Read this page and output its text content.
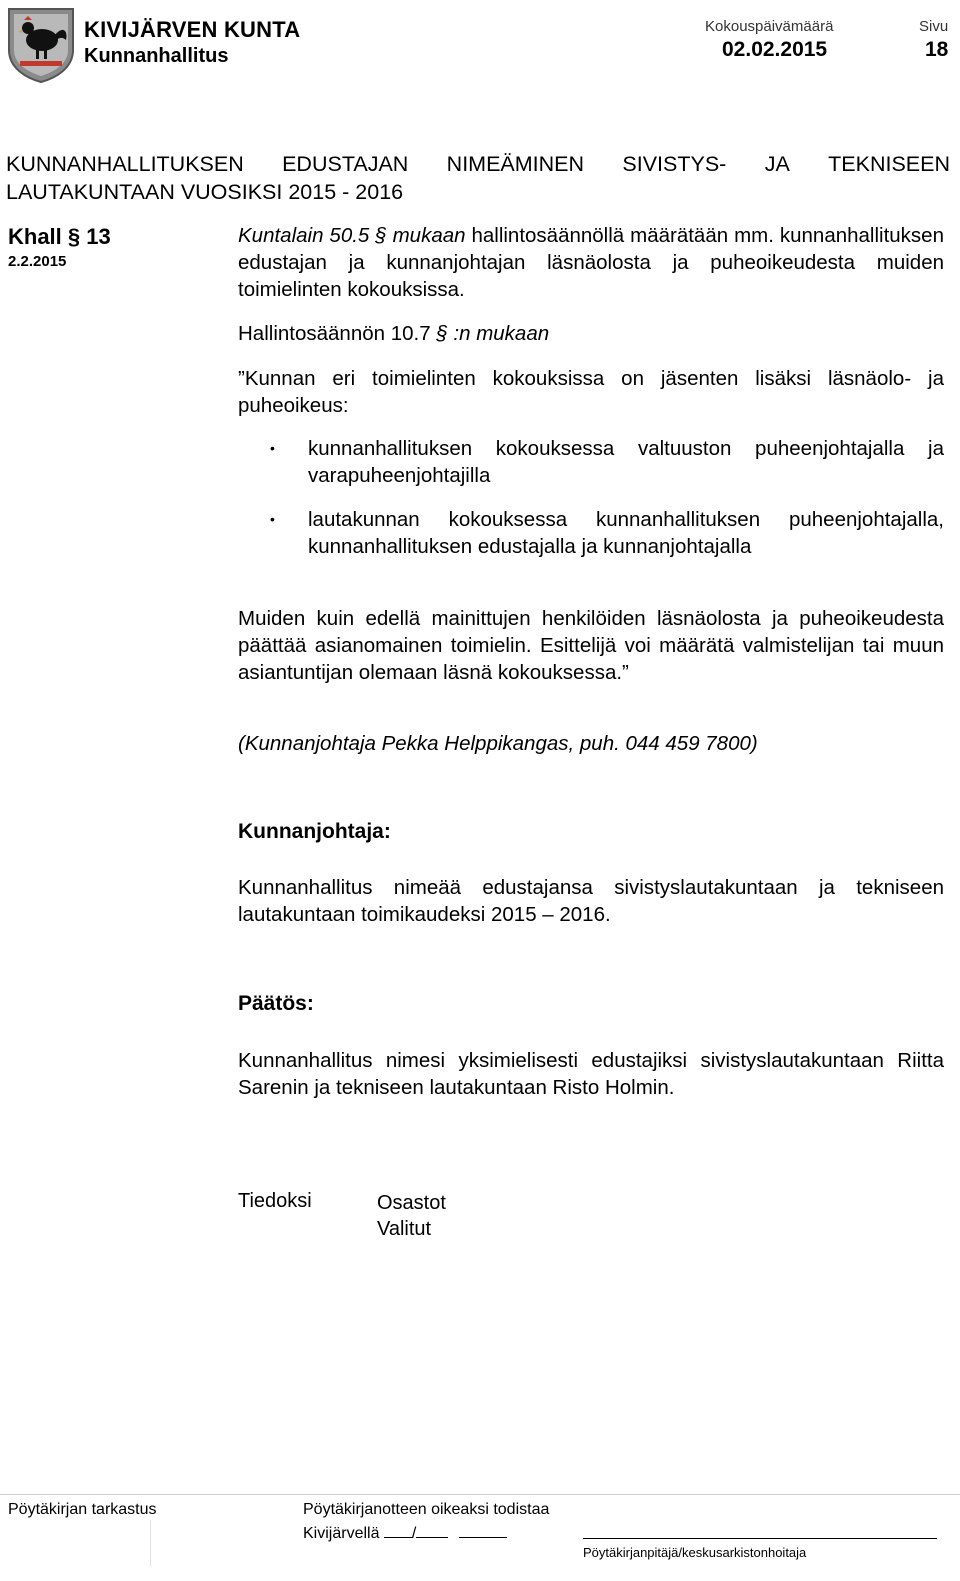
KIVIJÄRVEN KUNTA
Kunnanhallitus
Kokouspäivämäärä
02.02.2015
Sivu
18
KUNNANHALLITUKSEN EDUSTAJAN NIMEÄMINEN SIVISTYS- JA TEKNISEEN
LAUTAKUNTAAN VUOSIKSI 2015 - 2016
Khall § 13
2.2.2015
Kuntalain 50.5 § mukaan hallintosäännöllä määrätään mm. kunnanhallituksen edustajan ja kunnanjohtajan läsnäolosta ja puheoikeudesta muiden toimielinten kokouksissa.
Hallintosäännön 10.7 § :n mukaan
”Kunnan eri toimielinten kokouksissa on jäsenten lisäksi läsnäolo- ja puheoikeus:
• kunnanhallituksen kokouksessa valtuuston puheenjohtajalla ja varapuheenjohtajilla
• lautakunnan kokouksessa kunnanhallituksen puheenjohtajalla, kunnanhallituksen edustajalla ja kunnanjohtajalla
Muiden kuin edellä mainittujen henkilöiden läsnäolosta ja puheoikeudesta päättää asianomainen toimielin. Esittelijä voi määrätä valmistelijan tai muun asiantuntijan olemaan läsnä kokouksessa.”
(Kunnanjohtaja Pekka Helppikangas, puh. 044 459 7800)
Kunnanjohtaja:
Kunnanhallitus nimeää edustajansa sivistyslautakuntaan ja tekniseen lautakuntaan toimikaudeksi 2015 – 2016.
Päätös:
Kunnanhallitus nimesi yksimielisesti edustajiksi sivistyslautakuntaan Riitta Sarenin ja tekniseen lautakuntaan Risto Holmin.
Tiedoksi	Osastot
Valitut
Pöytäkirjan tarkastus	Pöytäkirjanotteen oikeaksi todistaa
Kivijärvellä /
Pöytäkirjanpitäjä/keskusarkistonhoitaja
